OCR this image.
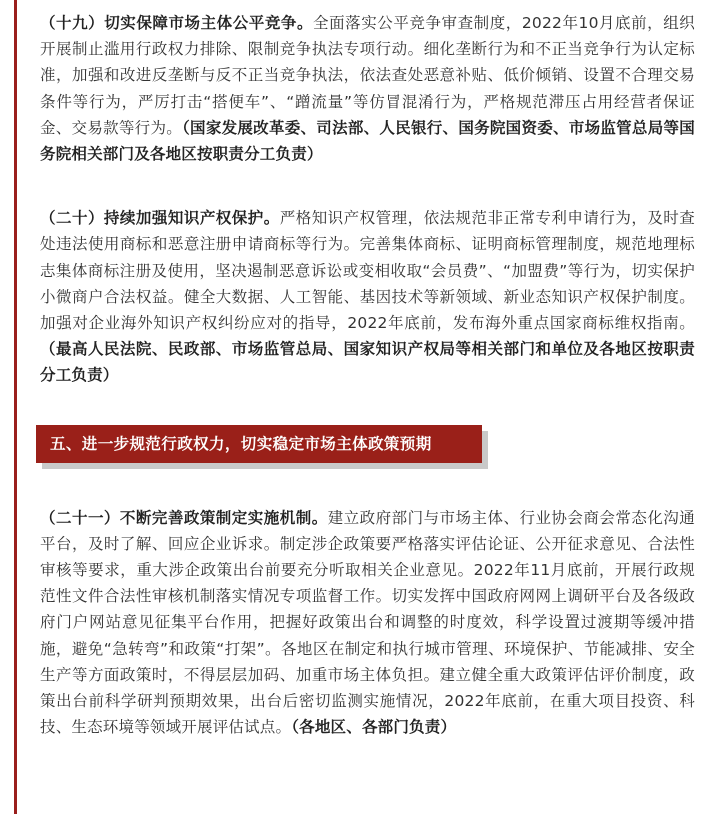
（十九）切实保障市场主体公平竞争。全面落实公平竞争审查制度，2022年10月底前，组织开展制止滥用行政权力排除、限制竞争执法专项行动。细化垄断行为和不正当竞争行为认定标准，加强和改进反垄断与反不正当竞争执法，依法查处恶意补贴、低价倾销、设置不合理交易条件等行为，严厉打击“搭便车”、“蹭流量”等仿冒混淆行为，严格规范滞压占用经营者保证金、交易款等行为。（国家发展改革委、司法部、人民银行、国务院国资委、市场监管总局等国务院相关部门及各地区按职责分工负责）

（二十）持续加强知识产权保护。严格知识产权管理，依法规范非正常专利申请行为，及时查处违法使用商标和恶意注册申请商标等行为。完善集体商标、证明商标管理制度，规范地理标志集体商标注册及使用，坚决遏制恶意诉讼或变相收取“会员费”、“加盟费”等行为，切实保护小微商户合法权益。健全大数据、人工智能、基因技术等新领域、新业态知识产权保护制度。加强对企业海外知识产权纠纷应对的指导，2022年底前，发布海外重点国家商标维权指南。（最高人民法院、民政部、市场监管总局、国家知识产权局等相关部门和单位及各地区按职责分工负责）

五、进一步规范行政权力，切实稳定市场主体政策预期

（二十一）不断完善政策制定实施机制。建立政府部门与市场主体、行业协会商会常态化沟通平台，及时了解、回应企业诉求。制定涉企政策要严格落实评估论证、公开征求意见、合法性审核等要求，重大涉企政策出台前要充分听取相关企业意见。2022年11月底前，开展行政规范性文件合法性审核机制落实情况专项监督工作。切实发挥中国政府网网上调研平台及各级政府门户网站意见征集平台作用，把握好政策出台和调整的时度效，科学设置过渡期等缓冲措施，避免“急转弯”和政策“打架”。各地区在制定和执行城市管理、环境保护、节能减排、安全生产等方面政策时，不得层层加码、加重市场主体负担。建立健全重大政策评估评价制度，政策出台前科学研判预期效果，出台后密切监测实施情况，2022年底前，在重大项目投资、科技、生态环境等领域开展评估试点。（各地区、各部门负责）
